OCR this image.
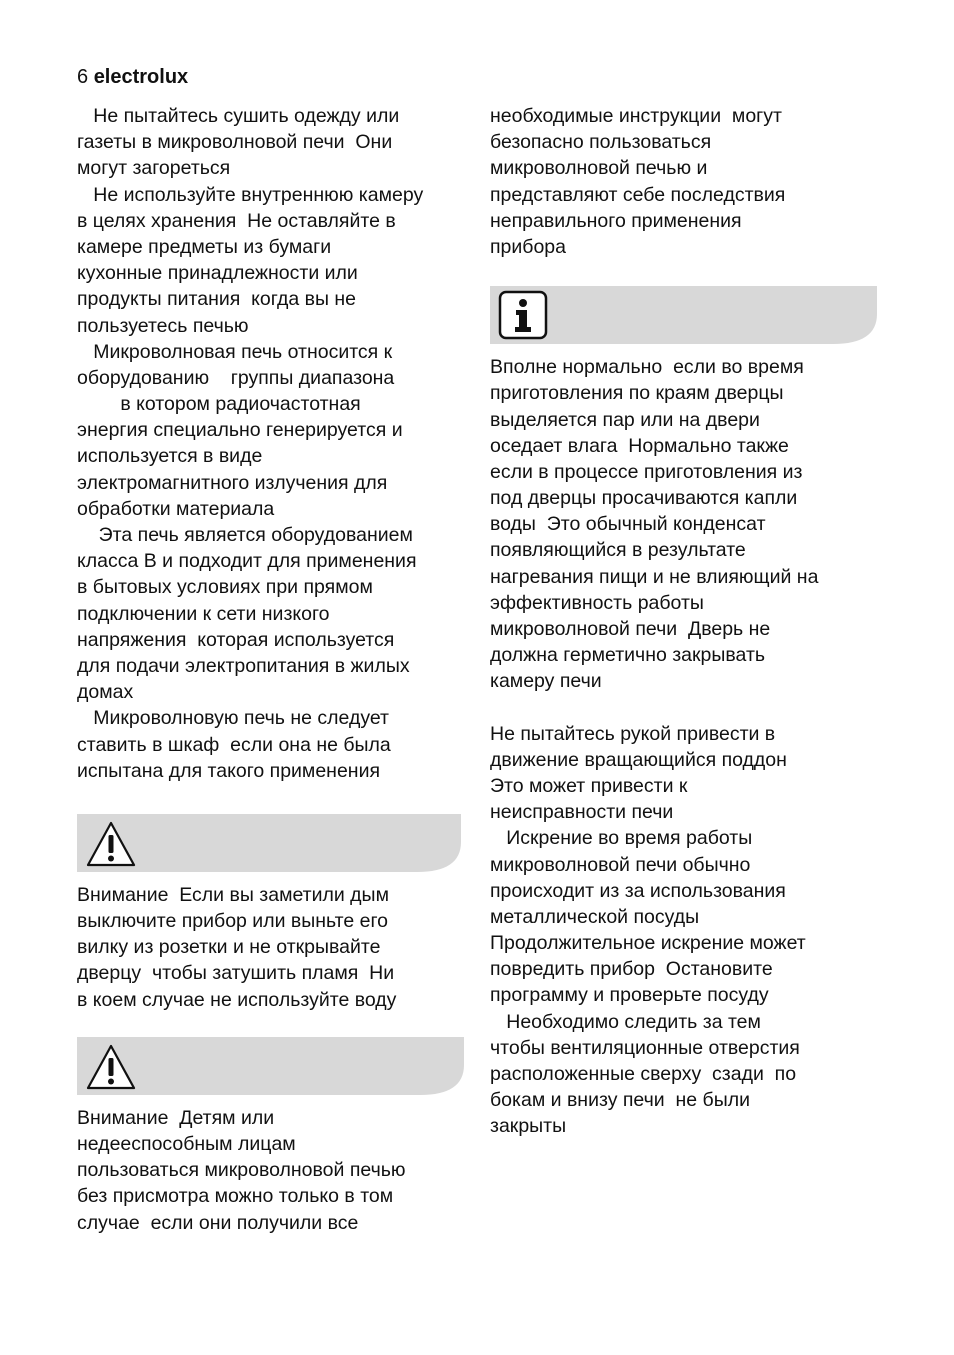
6 electrolux
Не пытайтесь сушить одежду или
газеты в микроволновой печи  Они
могут загореться
Не используйте внутреннюю камеру
в целях хранения  Не оставляйте в
камере предметы из бумаги
кухонные принадлежности или
продукты питания  когда вы не
пользуетесь печью
Микроволновая печь относится к
оборудованию    группы диапазона
в котором радиочастотная
энергия специально генерируется и
используется в виде
электромагнитного излучения для
обработки материала
Эта печь является оборудованием
класса B и подходит для применения
в бытовых условиях при прямом
подключении к сети низкого
напряжения  которая используется
для подачи электропитания в жилых
домах
Микроволновую печь не следует
ставить в шкаф  если она не была
испытана для такого применения
Внимание  Если вы заметили дым
выключите прибор или выньте его
вилку из розетки и не открывайте
дверцу  чтобы затушить пламя  Ни
в коем случае не используйте воду
Внимание  Детям или
недееспособным лицам
пользоваться микроволновой печью
без присмотра можно только в том
случае  если они получили все
необходимые инструкции  могут
безопасно пользоваться
микроволновой печью и
представляют себе последствия
неправильного применения
прибора
Вполне нормально  если во время
приготовления по краям дверцы
выделяется пар или на двери
оседает влага  Нормально также
если в процессе приготовления из
под дверцы просачиваются капли
воды  Это обычный конденсат
появляющийся в результате
нагревания пищи и не влияющий на
эффективность работы
микроволновой печи  Дверь не
должна герметично закрывать
камеру печи
Не пытайтесь рукой привести в
движение вращающийся поддон
Это может привести к
неисправности печи
Искрение во время работы
микроволновой печи обычно
происходит из за использования
металлической посуды
Продолжительное искрение может
повредить прибор  Остановите
программу и проверьте посуду
Необходимо следить за тем
чтобы вентиляционные отверстия
расположенные сверху  сзади  по
бокам и внизу печи  не были
закрыты
